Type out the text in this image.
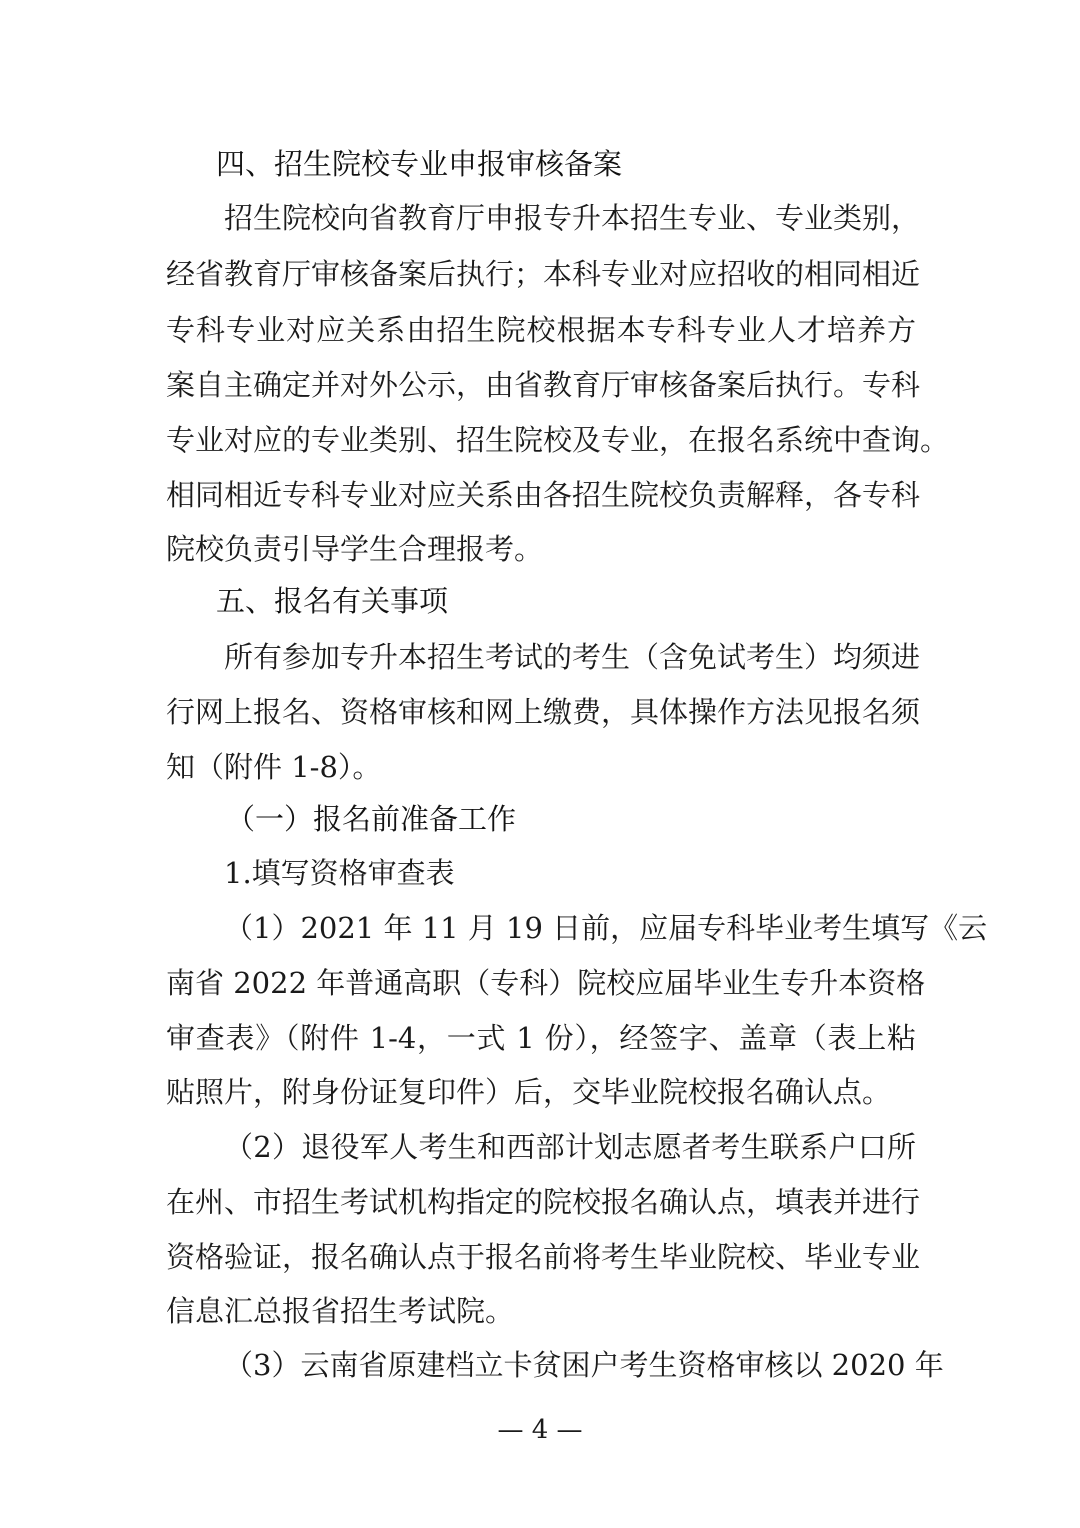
四、招生院校专业申报审核备案
招生院校向省教育厅申报专升本招生专业、专业类别，
经省教育厅审核备案后执行；本科专业对应招收的相同相近
专科专业对应关系由招生院校根据本专科专业人才培养方
案自主确定并对外公示，由省教育厅审核备案后执行。专科
专业对应的专业类别、招生院校及专业，在报名系统中查询。
相同相近专科专业对应关系由各招生院校负责解释，各专科
院校负责引导学生合理报考。
五、报名有关事项
所有参加专升本招生考试的考生（含免试考生）均须进
行网上报名、资格审核和网上缴费，具体操作方法见报名须
知（附件 1-8）。
（一）报名前准备工作
1.填写资格审查表
（1）2021 年 11 月 19 日前，应届专科毕业考生填写《云
南省 2022 年普通高职（专科）院校应届毕业生专升本资格
审查表》（附件 1-4，一式 1 份），经签字、盖章（表上粘
贴照片，附身份证复印件）后，交毕业院校报名确认点。
（2）退役军人考生和西部计划志愿者考生联系户口所
在州、市招生考试机构指定的院校报名确认点，填表并进行
资格验证，报名确认点于报名前将考生毕业院校、毕业专业
信息汇总报省招生考试院。
（3）云南省原建档立卡贫困户考生资格审核以 2020 年
— 4 —
